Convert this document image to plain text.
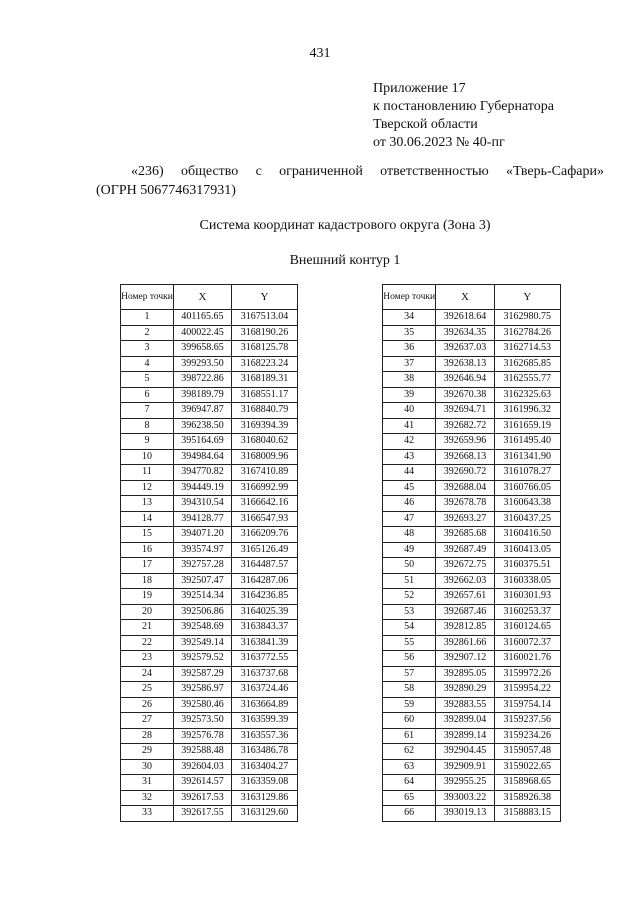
431
Приложение 17
к постановлению Губернатора
Тверской области
от 30.06.2023 № 40-пг
«236) общество с ограниченной ответственностью «Тверь-Сафари»
(ОГРН 5067746317931)
Система координат кадастрового округа (Зона 3)
Внешний контур 1
Номер точки	X	Y
1	401165.65	3167513.04
2	400022.45	3168190.26
3	399658.65	3168125.78
4	399293.50	3168223.24
5	398722.86	3168189.31
6	398189.79	3168551.17
7	396947.87	3168840.79
8	396238.50	3169394.39
9	395164.69	3168040.62
10	394984.64	3168009.96
11	394770.82	3167410.89
12	394449.19	3166992.99
13	394310.54	3166642.16
14	394128.77	3166547.93
15	394071.20	3166209.76
16	393574.97	3165126.49
17	392757.28	3164487.57
18	392507.47	3164287.06
19	392514.34	3164236.85
20	392506.86	3164025.39
21	392548.69	3163843.37
22	392549.14	3163841.39
23	392579.52	3163772.55
24	392587.29	3163737.68
25	392586.97	3163724.46
26	392580.46	3163664.89
27	392573.50	3163599.39
28	392576.78	3163557.36
29	392588.48	3163486.78
30	392604.03	3163404.27
31	392614.57	3163359.08
32	392617.53	3163129.86
33	392617.55	3163129.60
Номер точки	X	Y
34	392618.64	3162980.75
35	392634.35	3162784.26
36	392637.03	3162714.53
37	392638.13	3162685.85
38	392646.94	3162555.77
39	392670.38	3162325.63
40	392694.71	3161996.32
41	392682.72	3161659.19
42	392659.96	3161495.40
43	392668.13	3161341.90
44	392690.72	3161078.27
45	392688.04	3160766.05
46	392678.78	3160643.38
47	392693.27	3160437.25
48	392685.68	3160416.50
49	392687.49	3160413.05
50	392672.75	3160375.51
51	392662.03	3160338.05
52	392657.61	3160301.93
53	392687.46	3160253.37
54	392812.85	3160124.65
55	392861.66	3160072.37
56	392907.12	3160021.76
57	392895.05	3159972.26
58	392890.29	3159954.22
59	392883.55	3159754.14
60	392899.04	3159237.56
61	392899.14	3159234.26
62	392904.45	3159057.48
63	392909.91	3159022.65
64	392955.25	3158968.65
65	393003.22	3158926.38
66	393019.13	3158883.15
